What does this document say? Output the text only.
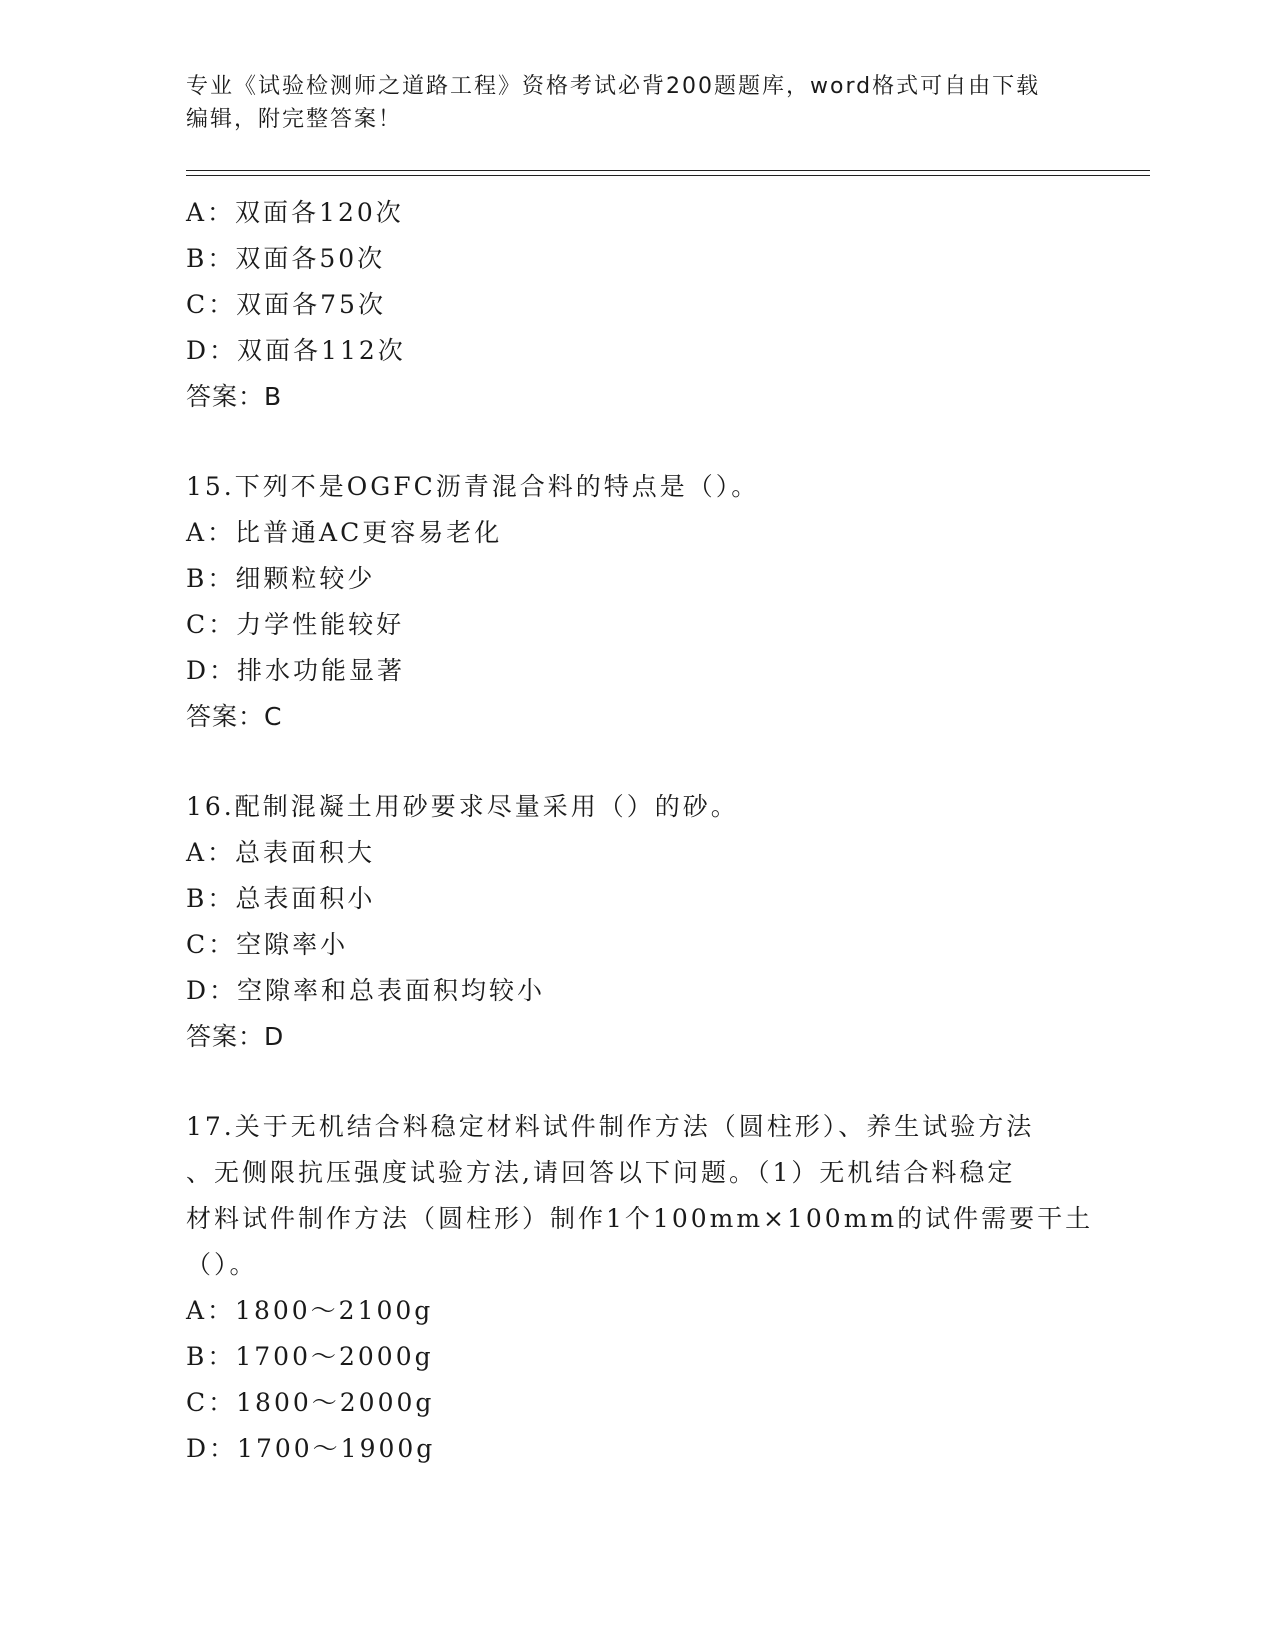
专业《试验检测师之道路工程》资格考试必背200题题库，word格式可自由下载
编辑，附完整答案！
A：双面各120次
B：双面各50次
C：双面各75次
D：双面各112次
答案：B
15.下列不是OGFC沥青混合料的特点是（）。
A：比普通AC更容易老化
B：细颗粒较少
C：力学性能较好
D：排水功能显著
答案：C
16.配制混凝土用砂要求尽量采用（）的砂。
A：总表面积大
B：总表面积小
C：空隙率小
D：空隙率和总表面积均较小
答案：D
17.关于无机结合料稳定材料试件制作方法（圆柱形）、养生试验方法
、无侧限抗压强度试验方法,请回答以下问题。（1）无机结合料稳定
材料试件制作方法（圆柱形）制作1个100mm×100mm的试件需要干土
（）。
A：1800～2100g
B：1700～2000g
C：1800～2000g
D：1700～1900g
